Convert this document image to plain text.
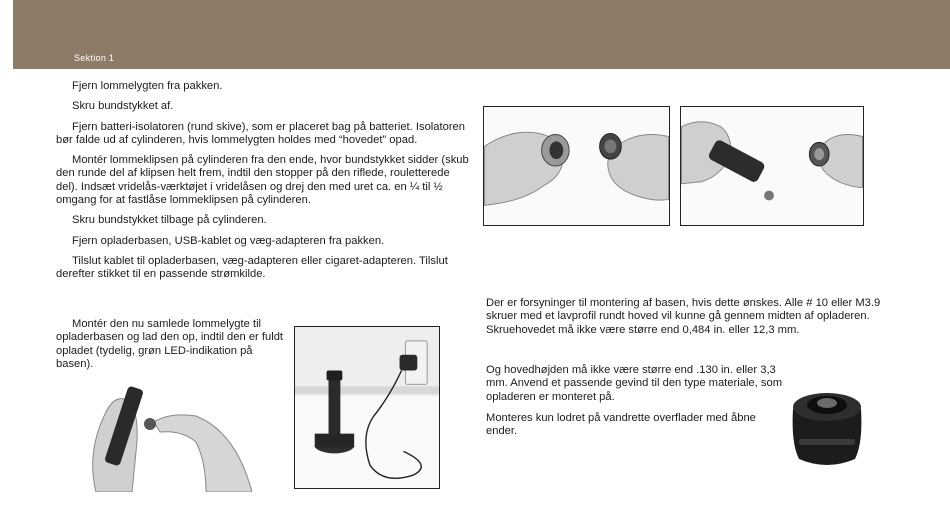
Sektion 1

Fjern lommelygten fra pakken.

Skru bundstykket af.

Fjern batteri-isolatoren (rund skive), som er placeret bag på batteriet. Isolatoren bør falde ud af cylinderen, hvis lommelygten holdes med “hovedet” opad.

Montér lommeklipsen på cylinderen fra den ende, hvor bundstykket sidder (skub den runde del af klipsen helt frem, indtil den stopper på den riflede, rouletterede del). Indsæt vridelås-værktøjet i vridelåsen og drej den med uret ca. en ¼ til ½ omgang for at fastlåse lommeklipsen på cylinderen.

Skru bundstykket tilbage på cylinderen.

Fjern opladerbasen, USB-kablet og væg-adapteren fra pakken.

Tilslut kablet til opladerbasen, væg-adapteren eller cigaret-adapteren. Tilslut derefter stikket til en passende strømkilde.

Montér den nu samlede lommelygte til opladerbasen og lad den op, indtil den er fuldt opladet (tydelig, grøn LED-indikation på basen).

Der er forsyninger til montering af basen, hvis dette ønskes. Alle # 10 eller M3.9 skruer med et lavprofil rundt hoved vil kunne gå gennem midten af opladeren. Skruehovedet må ikke være større end 0,484 in. eller 12,3 mm.

Og hovedhøjden må ikke være større end .130 in. eller 3,3 mm. Anvend et passende gevind til den type materiale, som opladeren er monteret på.

Monteres kun lodret på vandrette overflader med åbne ender.
